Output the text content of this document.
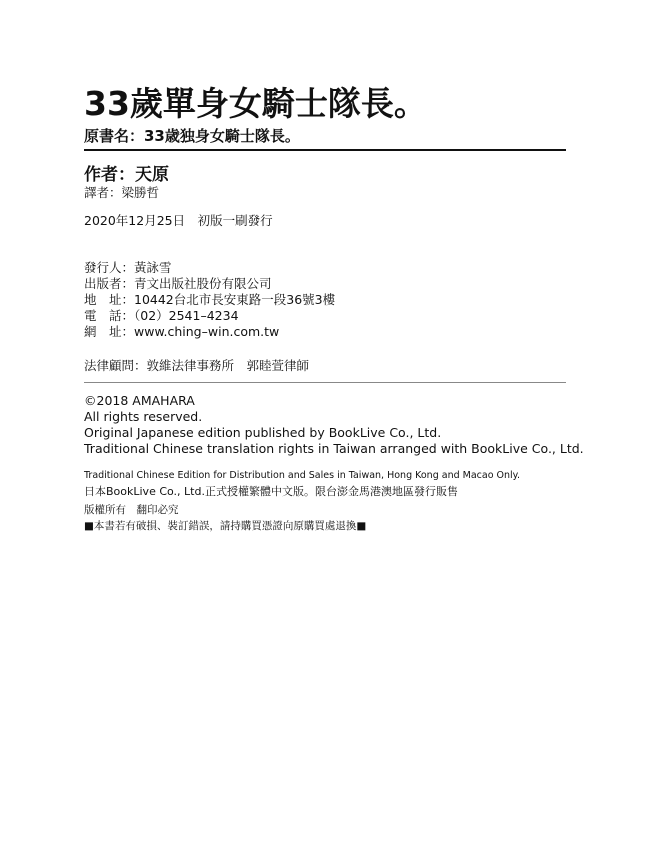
33歲單身女騎士隊長。
原書名：33歳独身女騎士隊長。
作者：天原
譯者：梁勝哲
2020年12月25日　初版一刷發行
發行人：黃詠雪
出版者：青文出版社股份有限公司
地　址：10442台北市長安東路一段36號3樓
電　話：（02）2541–4234
網　址：www.ching–win.com.tw
法律顧問：敦維法律事務所　郭睦萱律師
©2018 AMAHARA
All rights reserved.
Original Japanese edition published by BookLive Co., Ltd.
Traditional Chinese translation rights in Taiwan arranged with BookLive Co., Ltd.
Traditional Chinese Edition for Distribution and Sales in Taiwan, Hong Kong and Macao Only.
日本BookLive Co., Ltd.正式授權繁體中文版。限台澎金馬港澳地區發行販售
版權所有　翻印必究
■本書若有破損、裝訂錯誤，請持購買憑證向原購買處退換■
